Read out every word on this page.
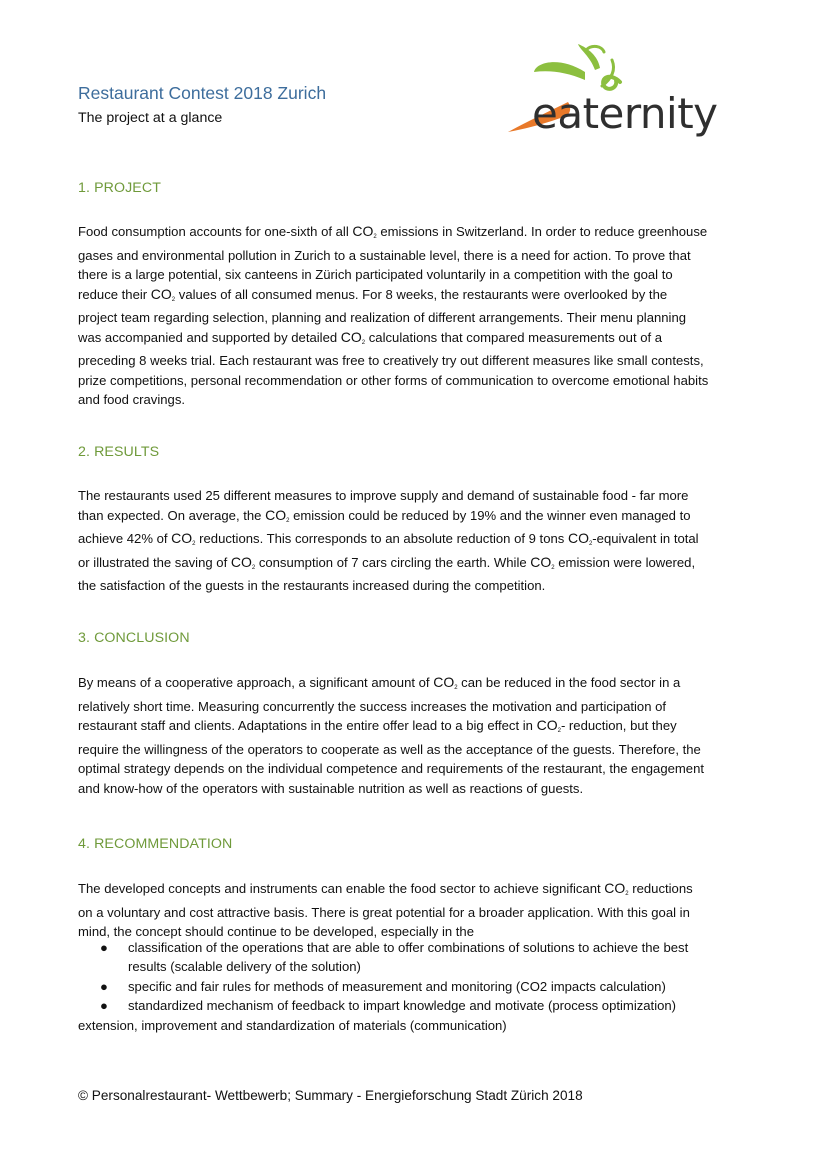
Restaurant Contest 2018 Zurich
The project at a glance	eaternity
1. PROJECT
Food consumption accounts for one-sixth of all $CO_2$ emissions in Switzerland. In order to reduce greenhouse
gases and environmental pollution in Zurich to a sustainable level, there is a need for action. To prove that
there is a large potential, six canteens in Zürich participated voluntarily in a competition with the goal to
reduce their $CO_2$ values of all consumed menus. For 8 weeks, the restaurants were overlooked by the
project team regarding selection, planning and realization of different arrangements. Their menu planning
was accompanied and supported by detailed $CO_2$ calculations that compared measurements out of a
preceding 8 weeks trial. Each restaurant was free to creatively try out different measures like small contests,
prize competitions, personal recommendation or other forms of communication to overcome emotional habits
and food cravings.
2. RESULTS
The restaurants used 25 different measures to improve supply and demand of sustainable food - far more
than expected. On average, the $CO_2$ emission could be reduced by 19% and the winner even managed to
achieve 42% of $CO_2$ reductions. This corresponds to an absolute reduction of 9 tons $CO_2$-equivalent in total
or illustrated the saving of $CO_2$ consumption of 7 cars circling the earth. While $CO_2$ emission were lowered,
the satisfaction of the guests in the restaurants increased during the competition.
3. CONCLUSION
By means of a cooperative approach, a significant amount of $CO_2$ can be reduced in the food sector in a
relatively short time. Measuring concurrently the success increases the motivation and participation of
restaurant staff and clients. Adaptations in the entire offer lead to a big effect in $CO_2-$ reduction, but they
require the willingness of the operators to cooperate as well as the acceptance of the guests. Therefore, the
optimal strategy depends on the individual competence and requirements of the restaurant, the engagement
and know-how of the operators with sustainable nutrition as well as reactions of guests.
4. RECOMMENDATION
The developed concepts and instruments can enable the food sector to achieve significant $CO_2$ reductions
on a voluntary and cost attractive basis. There is great potential for a broader application. With this goal in
mind, the concept should continue to be developed, especially in the
● classification of the operations that are able to offer combinations of solutions to achieve the best
results (scalable delivery of the solution)
● specific and fair rules for methods of measurement and monitoring (CO2 impacts calculation)
● standardized mechanism of feedback to impart knowledge and motivate (process optimization)
extension, improvement and standardization of materials (communication)
© Personalrestaurant- Wettbewerb; Summary - Energieforschung Stadt Zürich 2018
